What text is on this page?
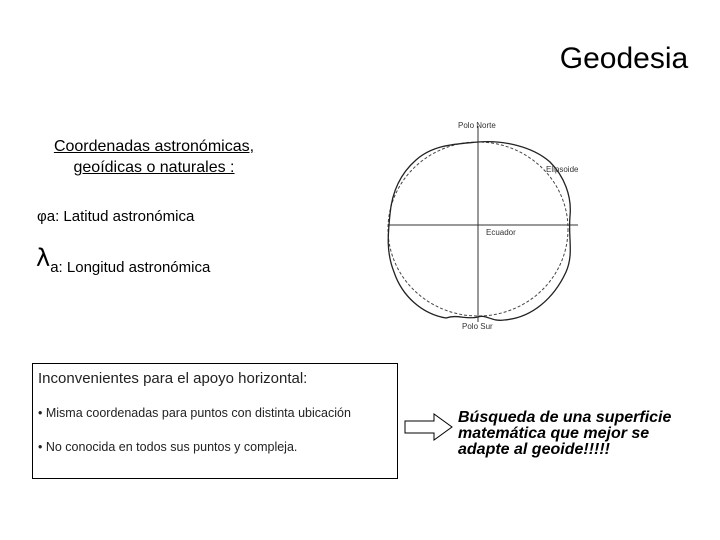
Geodesia
Coordenadas astronómicas,
geoídicas o naturales :
φa: Latitud astronómica
λa: Longitud astronómica
Polo Norte
Elipsoide
Ecuador
Polo Sur
Inconvenientes para el apoyo horizontal:
• Misma coordenadas para puntos con distinta ubicación
• No conocida en todos sus puntos y compleja.
Búsqueda de una superficie
matemática que mejor se
adapte al geoide!!!!!
